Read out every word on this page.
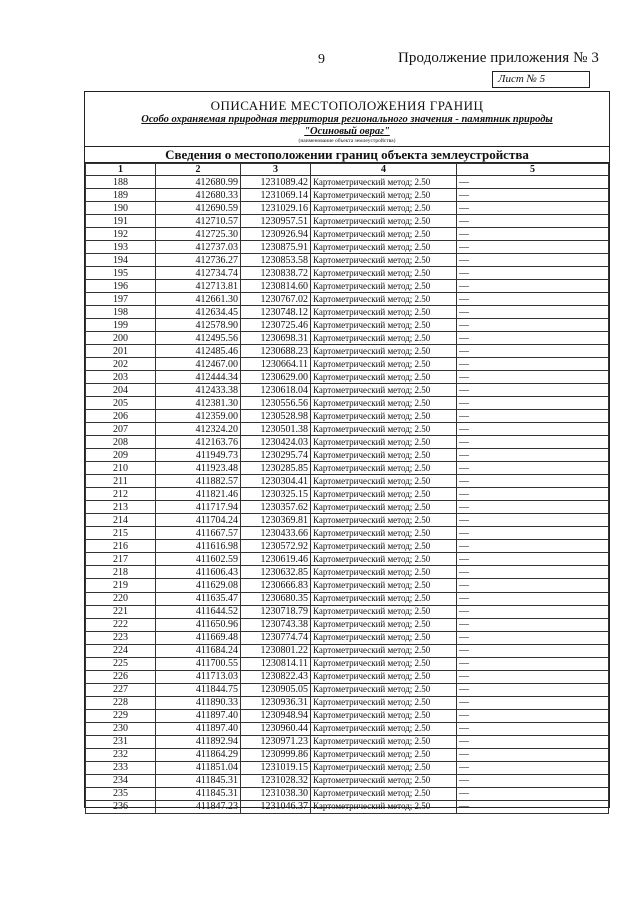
9	Продолжение приложения № 3
Лист № 5
ОПИСАНИЕ МЕСТОПОЛОЖЕНИЯ ГРАНИЦ
Особо охраняемая природная территория регионального значения - памятник природы
"Осиновый овраг"
(наименование объекта землеустройства)
Сведения о местоположении границ объекта землеустройства
1	2	3	4	5
188	412680.99	1231089.42	Картометрический метод; 2.50	—
189	412680.33	1231069.14	Картометрический метод; 2.50	—
190	412690.59	1231029.16	Картометрический метод; 2.50	—
191	412710.57	1230957.51	Картометрический метод; 2.50	—
192	412725.30	1230926.94	Картометрический метод; 2.50	—
193	412737.03	1230875.91	Картометрический метод; 2.50	—
194	412736.27	1230853.58	Картометрический метод; 2.50	—
195	412734.74	1230838.72	Картометрический метод; 2.50	—
196	412713.81	1230814.60	Картометрический метод; 2.50	—
197	412661.30	1230767.02	Картометрический метод; 2.50	—
198	412634.45	1230748.12	Картометрический метод; 2.50	—
199	412578.90	1230725.46	Картометрический метод; 2.50	—
200	412495.56	1230698.31	Картометрический метод; 2.50	—
201	412485.46	1230688.23	Картометрический метод; 2.50	—
202	412467.00	1230664.11	Картометрический метод; 2.50	—
203	412444.34	1230629.00	Картометрический метод; 2.50	—
204	412433.38	1230618.04	Картометрический метод; 2.50	—
205	412381.30	1230556.56	Картометрический метод; 2.50	—
206	412359.00	1230528.98	Картометрический метод; 2.50	—
207	412324.20	1230501.38	Картометрический метод; 2.50	—
208	412163.76	1230424.03	Картометрический метод; 2.50	—
209	411949.73	1230295.74	Картометрический метод; 2.50	—
210	411923.48	1230285.85	Картометрический метод; 2.50	—
211	411882.57	1230304.41	Картометрический метод; 2.50	—
212	411821.46	1230325.15	Картометрический метод; 2.50	—
213	411717.94	1230357.62	Картометрический метод; 2.50	—
214	411704.24	1230369.81	Картометрический метод; 2.50	—
215	411667.57	1230433.66	Картометрический метод; 2.50	—
216	411616.98	1230572.92	Картометрический метод; 2.50	—
217	411602.59	1230619.46	Картометрический метод; 2.50	—
218	411606.43	1230632.85	Картометрический метод; 2.50	—
219	411629.08	1230666.83	Картометрический метод; 2.50	—
220	411635.47	1230680.35	Картометрический метод; 2.50	—
221	411644.52	1230718.79	Картометрический метод; 2.50	—
222	411650.96	1230743.38	Картометрический метод; 2.50	—
223	411669.48	1230774.74	Картометрический метод; 2.50	—
224	411684.24	1230801.22	Картометрический метод; 2.50	—
225	411700.55	1230814.11	Картометрический метод; 2.50	—
226	411713.03	1230822.43	Картометрический метод; 2.50	—
227	411844.75	1230905.05	Картометрический метод; 2.50	—
228	411890.33	1230936.31	Картометрический метод; 2.50	—
229	411897.40	1230948.94	Картометрический метод; 2.50	—
230	411897.40	1230960.44	Картометрический метод; 2.50	—
231	411892.94	1230971.23	Картометрический метод; 2.50	—
232	411864.29	1230999.86	Картометрический метод; 2.50	—
233	411851.04	1231019.15	Картометрический метод; 2.50	—
234	411845.31	1231028.32	Картометрический метод; 2.50	—
235	411845.31	1231038.30	Картометрический метод; 2.50	—
236	411847.23	1231046.37	Картометрический метод; 2.50	—
